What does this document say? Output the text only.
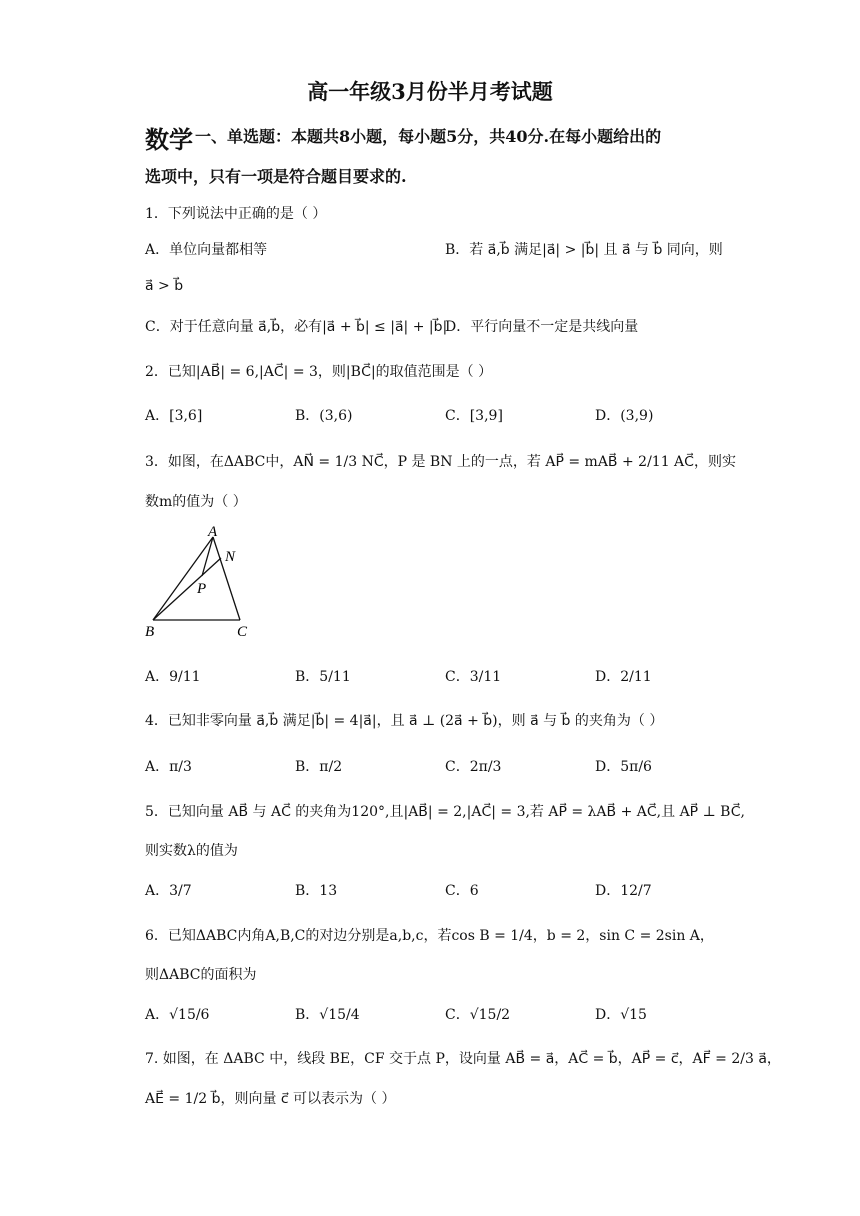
高一年级3月份半月考试题
数学 一、单选题：本题共8小题，每小题5分，共40分.在每小题给出的
选项中，只有一项是符合题目要求的.
1．下列说法中正确的是（ ）
A．单位向量都相等	B．若 a⃗,b⃗ 满足|a⃗| > |b⃗| 且 a⃗ 与 b⃗ 同向，则
a⃗ > b⃗
C．对于任意向量 a⃗,b⃗，必有|a⃗ + b⃗| ≤ |a⃗| + |b⃗|
D．平行向量不一定是共线向量
2．已知|AB⃗| = 6,|AC⃗| = 3，则|BC⃗|的取值范围是（ ）
A．[3,6]	B．(3,6)	C．[3,9]	D．(3,9)
3．如图，在ΔABC中，AN⃗ = 1/3 NC⃗，P 是 BN 上的一点，若 AP⃗ = mAB⃗ + 2/11 AC⃗，则实
数m的值为（ ）
A
N
P
B	C
A．9/11	B．5/11	C．3/11	D．2/11
4．已知非零向量 a⃗,b⃗ 满足|b⃗| = 4|a⃗|，且 a⃗ ⊥ (2a⃗ + b⃗)，则 a⃗ 与 b⃗ 的夹角为（ ）
A．π/3	B．π/2	C．2π/3	D．5π/6
5．已知向量 AB⃗ 与 AC⃗ 的夹角为120°,且|AB⃗| = 2,|AC⃗| = 3,若 AP⃗ = λAB⃗ + AC⃗,且 AP⃗ ⊥ BC⃗,
则实数λ的值为
A．3/7	B．13	C．6	D．12/7
6．已知ΔABC内角A,B,C的对边分别是a,b,c，若cos B = 1/4，b = 2，sin C = 2sin A，
则ΔABC的面积为
A．√15/6	B．√15/4	C．√15/2	D．√15
7. 如图，在 ΔABC 中，线段 BE，CF 交于点 P，设向量 AB⃗ = a⃗，AC⃗ = b⃗，AP⃗ = c⃗，AF⃗ = 2/3 a⃗，
AE⃗ = 1/2 b⃗，则向量 c⃗ 可以表示为（ ）
